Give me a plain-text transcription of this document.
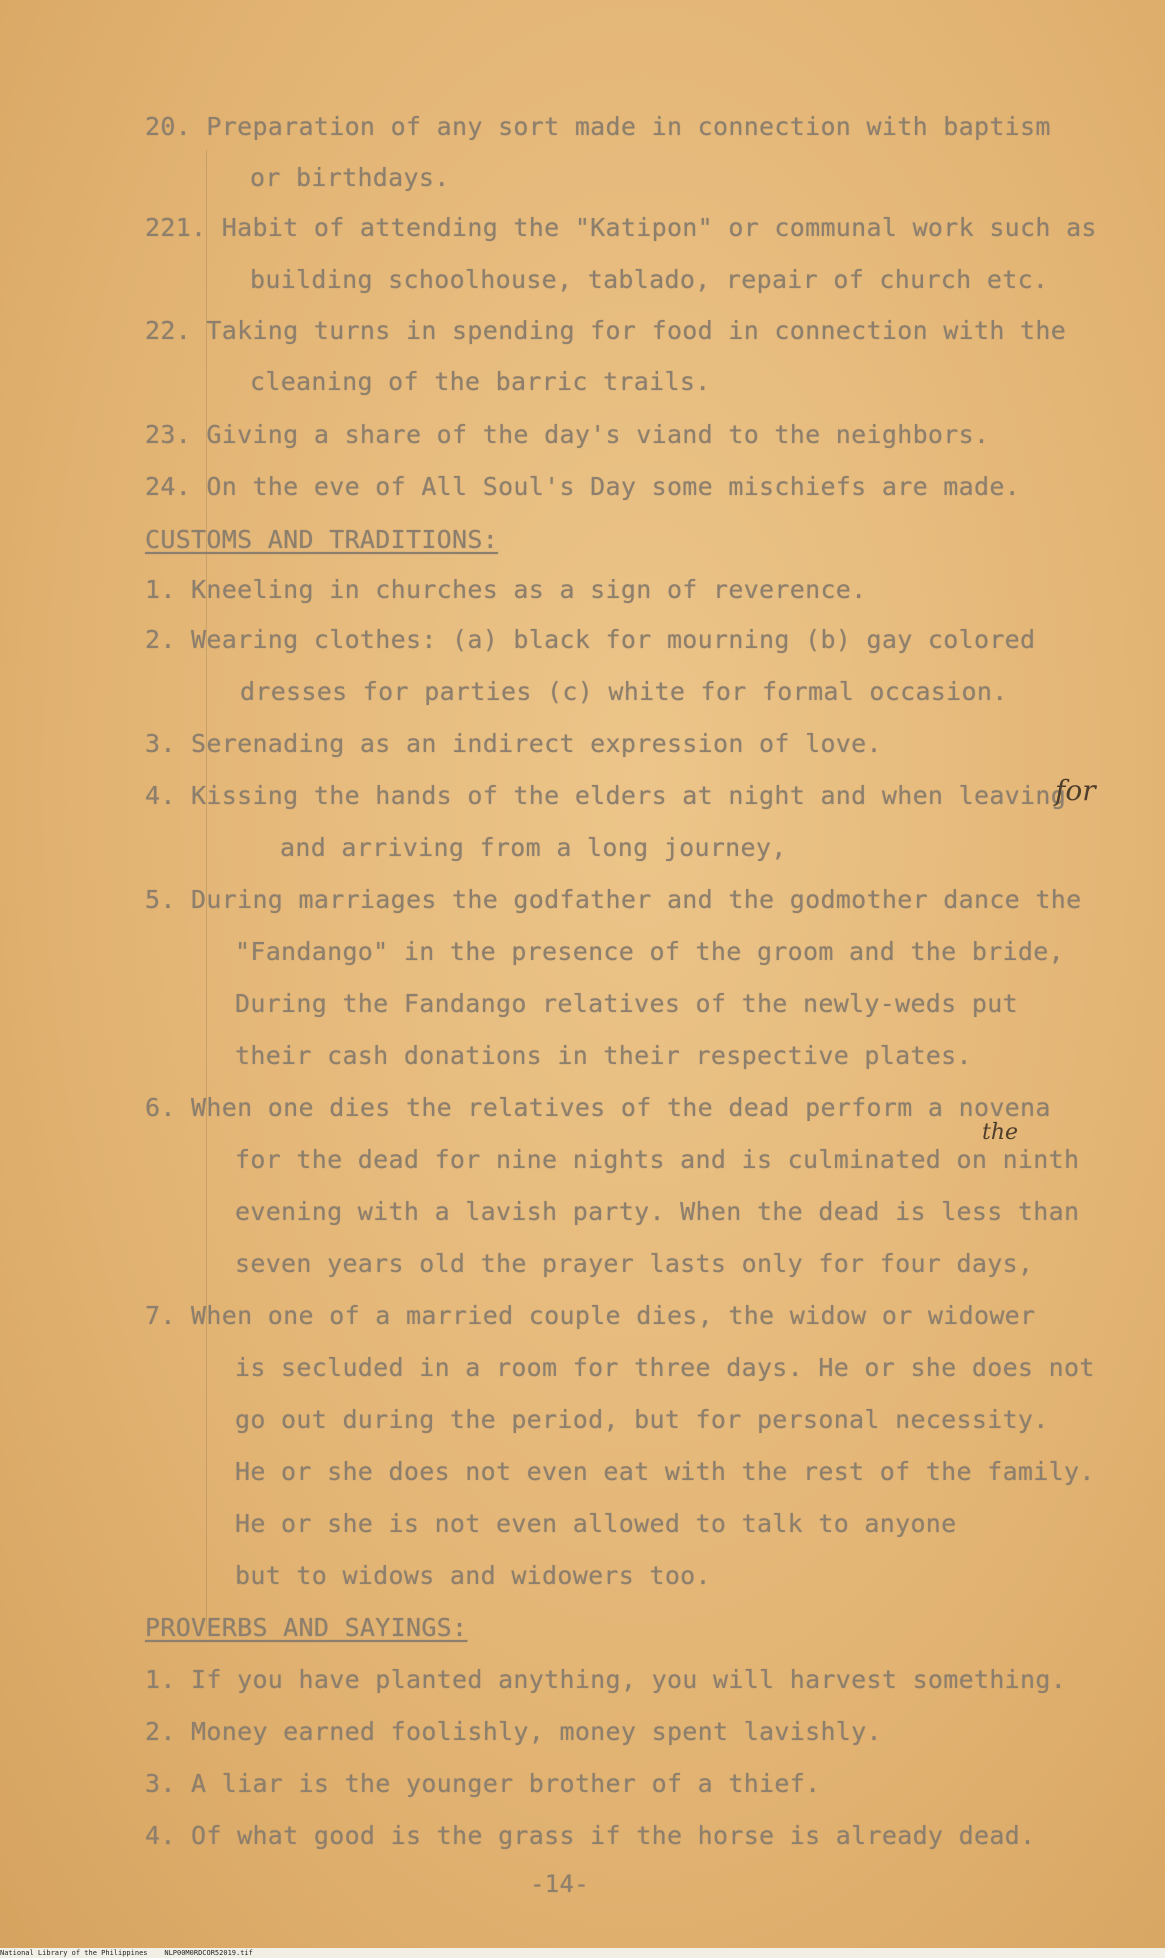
20. Preparation of any sort made in connection with baptism
or birthdays.
221. Habit of attending the "Katipon" or communal work such as
building schoolhouse, tablado, repair of church etc.
22. Taking turns in spending for food in connection with the
cleaning of the barric trails.
23. Giving a share of the day's viand to the neighbors.
24. On the eve of All Soul's Day some mischiefs are made.
CUSTOMS AND TRADITIONS:
1. Kneeling in churches as a sign of reverence.
2. Wearing clothes: (a) black for mourning (b) gay colored
dresses for parties (c) white for formal occasion.
3. Serenading as an indirect expression of love.
4. Kissing the hands of the elders at night and when leaving
for
and arriving from a long journey,
5. During marriages the godfather and the godmother dance the
"Fandango" in the presence of the groom and the bride,
During the Fandango relatives of the newly-weds put
their cash donations in their respective plates.
6. When one dies the relatives of the dead perform a novena
the
for the dead for nine nights and is culminated on ninth
evening with a lavish party. When the dead is less than
seven years old the prayer lasts only for four days,
7. When one of a married couple dies, the widow or widower
is secluded in a room for three days. He or she does not
go out during the period, but for personal necessity.
He or she does not even eat with the rest of the family.
He or she is not even allowed to talk to anyone
but to widows and widowers too.
PROVERBS AND SAYINGS:
1. If you have planted anything, you will harvest something.
2. Money earned foolishly, money spent lavishly.
3. A liar is the younger brother of a thief.
4. Of what good is the grass if the horse is already dead.
-14-
National Library of the Philippines    NLP00M0RDCOR52019.tif
